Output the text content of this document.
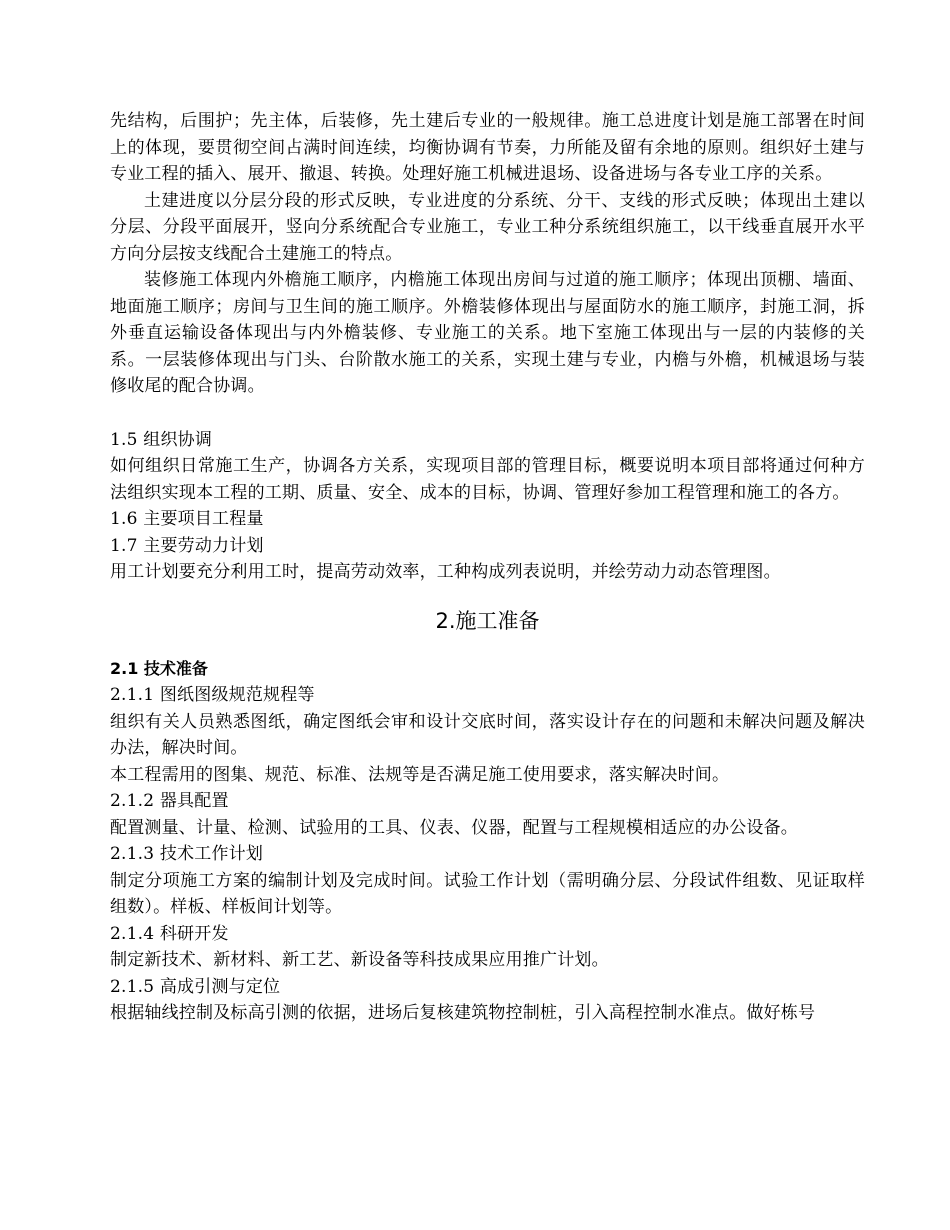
先结构，后围护；先主体，后装修，先土建后专业的一般规律。施工总进度计划是施工部署在时间上的体现，要贯彻空间占满时间连续，均衡协调有节奏，力所能及留有余地的原则。组织好土建与专业工程的插入、展开、撤退、转换。处理好施工机械进退场、设备进场与各专业工序的关系。

土建进度以分层分段的形式反映，专业进度的分系统、分干、支线的形式反映；体现出土建以分层、分段平面展开，竖向分系统配合专业施工，专业工种分系统组织施工，以干线垂直展开水平方向分层按支线配合土建施工的特点。

装修施工体现内外檐施工顺序，内檐施工体现出房间与过道的施工顺序；体现出顶棚、墙面、地面施工顺序；房间与卫生间的施工顺序。外檐装修体现出与屋面防水的施工顺序，封施工洞，拆外垂直运输设备体现出与内外檐装修、专业施工的关系。地下室施工体现出与一层的内装修的关系。一层装修体现出与门头、台阶散水施工的关系，实现土建与专业，内檐与外檐，机械退场与装修收尾的配合协调。

1.5 组织协调

如何组织日常施工生产，协调各方关系，实现项目部的管理目标，概要说明本项目部将通过何种方法组织实现本工程的工期、质量、安全、成本的目标，协调、管理好参加工程管理和施工的各方。

1.6 主要项目工程量

1.7 主要劳动力计划

用工计划要充分利用工时，提高劳动效率，工种构成列表说明，并绘劳动力动态管理图。

2.施工准备

2.1 技术准备

2.1.1 图纸图级规范规程等

组织有关人员熟悉图纸，确定图纸会审和设计交底时间，落实设计存在的问题和未解决问题及解决办法，解决时间。

本工程需用的图集、规范、标准、法规等是否满足施工使用要求，落实解决时间。

2.1.2 器具配置

配置测量、计量、检测、试验用的工具、仪表、仪器，配置与工程规模相适应的办公设备。

2.1.3 技术工作计划

制定分项施工方案的编制计划及完成时间。试验工作计划（需明确分层、分段试件组数、见证取样组数）。样板、样板间计划等。

2.1.4 科研开发

制定新技术、新材料、新工艺、新设备等科技成果应用推广计划。

2.1.5 高成引测与定位

根据轴线控制及标高引测的依据，进场后复核建筑物控制桩，引入高程控制水准点。做好栋号
